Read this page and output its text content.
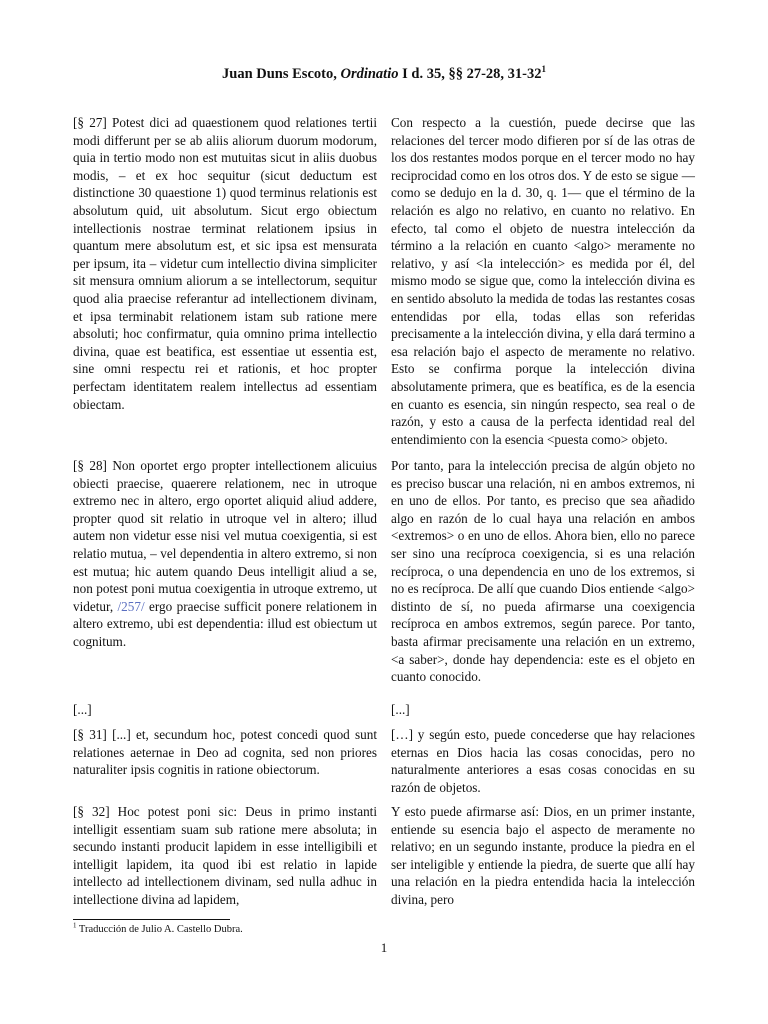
Juan Duns Escoto, Ordinatio I d. 35, §§ 27-28, $31-32^1$

[§ 27] Potest dici ad quaestionem quod relationes tertii modi differunt per se ab aliis aliorum duorum modorum, quia in tertio modo non est mutuitas sicut in aliis duobus modis, – et ex hoc sequitur (sicut deductum est distinctione 30 quaestione 1) quod terminus relationis est absolutum quid, uit absolutum. Sicut ergo obiectum intellectionis nostrae terminat relationem ipsius in quantum mere absolutum est, et sic ipsa est mensurata per ipsum, ita – videtur cum intellectio divina simpliciter sit mensura omnium aliorum a se intellectorum, sequitur quod alia praecise referantur ad intellectionem divinam, et ipsa terminabit relationem istam sub ratione mere absoluti; hoc confirmatur, quia omnino prima intellectio divina, quae est beatifica, est essentiae ut essentia est, sine omni respectu rei et rationis, et hoc propter perfectam identitatem realem intellectus ad essentiam obiectam.

[§ 28] Non oportet ergo propter intellectionem alicuius obiecti praecise, quaerere relationem, nec in utroque extremo nec in altero, ergo oportet aliquid aliud addere, propter quod sit relatio in utroque vel in altero; illud autem non videtur esse nisi vel mutua coexigentia, si est relatio mutua, – vel dependentia in altero extremo, si non est mutua; hic autem quando Deus intelligit aliud a se, non potest poni mutua coexigentia in utroque extremo, ut videtur, /257/ ergo praecise sufficit ponere relationem in altero extremo, ubi est dependentia: illud est obiectum ut cognitum.

[...]

[§ 31] [...] et, secundum hoc, potest concedi quod sunt relationes aeternae in Deo ad cognita, sed non priores naturaliter ipsis cognitis in ratione obiectorum.

[§ 32] Hoc potest poni sic: Deus in primo instanti intelligit essentiam suam sub ratione mere absoluta; in secundo instanti producit lapidem in esse intelligibili et intelligit lapidem, ita quod ibi est relatio in lapide intellecto ad intellectionem divinam, sed nulla adhuc in intellectione divina ad lapidem,

Con respecto a la cuestión, puede decirse que las relaciones del tercer modo difieren por sí de las otras de los dos restantes modos porque en el tercer modo no hay reciprocidad como en los otros dos. Y de esto se sigue —como se dedujo en la d. 30, q. 1— que el término de la relación es algo no relativo, en cuanto no relativo. En efecto, tal como el objeto de nuestra intelección da término a la relación en cuanto <algo> meramente no relativo, y así <la intelección> es medida por él, del mismo modo se sigue que, como la intelección divina es en sentido absoluto la medida de todas las restantes cosas entendidas por ella, todas ellas son referidas precisamente a la intelección divina, y ella dará termino a esa relación bajo el aspecto de meramente no relativo. Esto se confirma porque la intelección divina absolutamente primera, que es beatífica, es de la esencia en cuanto es esencia, sin ningún respecto, sea real o de razón, y esto a causa de la perfecta identidad real del entendimiento con la esencia <puesta como> objeto.

Por tanto, para la intelección precisa de algún objeto no es preciso buscar una relación, ni en ambos extremos, ni en uno de ellos. Por tanto, es preciso que sea añadido algo en razón de lo cual haya una relación en ambos <extremos> o en uno de ellos. Ahora bien, ello no parece ser sino una recíproca coexigencia, si es una relación recíproca, o una dependencia en uno de los extremos, si no es recíproca. De allí que cuando Dios entiende <algo> distinto de sí, no pueda afirmarse una coexigencia recíproca en ambos extremos, según parece. Por tanto, basta afirmar precisamente una relación en un extremo, <a saber>, donde hay dependencia: este es el objeto en cuanto conocido.

[...]

[…] y según esto, puede concederse que hay relaciones eternas en Dios hacia las cosas conocidas, pero no naturalmente anteriores a esas cosas conocidas en su razón de objetos.

Y esto puede afirmarse así: Dios, en un primer instante, entiende su esencia bajo el aspecto de meramente no relativo; en un segundo instante, produce la piedra en el ser inteligible y entiende la piedra, de suerte que allí hay una relación en la piedra entendida hacia la intelección divina, pero

$^1$ Traducción de Julio A. Castello Dubra.
1
